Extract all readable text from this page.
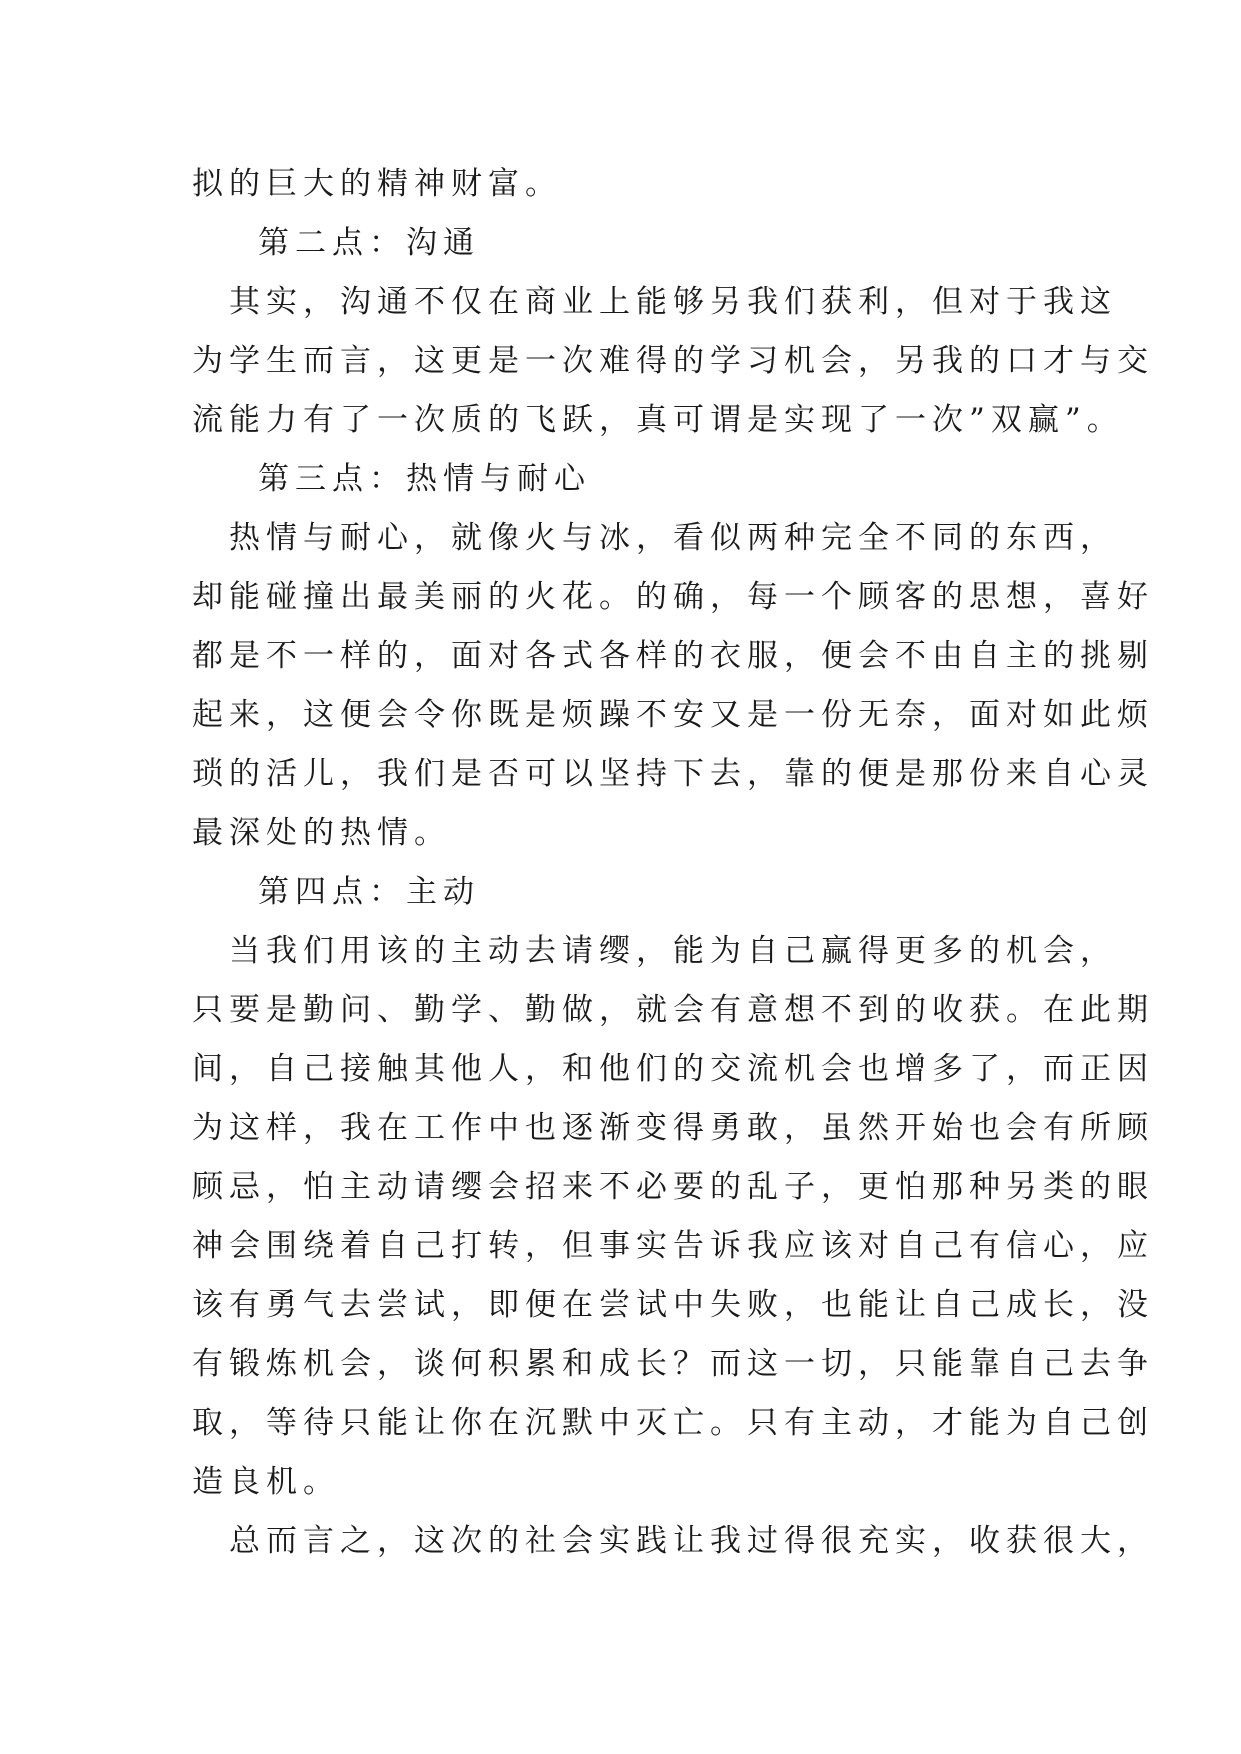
拟的巨大的精神财富。
第二点：沟通
　其实，沟通不仅在商业上能够另我们获利，但对于我这
为学生而言，这更是一次难得的学习机会，另我的口才与交
流能力有了一次质的飞跃，真可谓是实现了一次”双赢”。
第三点：热情与耐心
　热情与耐心，就像火与冰，看似两种完全不同的东西，
却能碰撞出最美丽的火花。的确，每一个顾客的思想，喜好
都是不一样的，面对各式各样的衣服，便会不由自主的挑剔
起来，这便会令你既是烦躁不安又是一份无奈，面对如此烦
琐的活儿，我们是否可以坚持下去，靠的便是那份来自心灵
最深处的热情。
第四点：主动
　当我们用该的主动去请缨，能为自己赢得更多的机会，
只要是勤问、勤学、勤做，就会有意想不到的收获。在此期
间，自己接触其他人，和他们的交流机会也增多了，而正因
为这样，我在工作中也逐渐变得勇敢，虽然开始也会有所顾
顾忌，怕主动请缨会招来不必要的乱子，更怕那种另类的眼
神会围绕着自己打转，但事实告诉我应该对自己有信心，应
该有勇气去尝试，即便在尝试中失败，也能让自己成长，没
有锻炼机会，谈何积累和成长？而这一切，只能靠自己去争
取，等待只能让你在沉默中灭亡。只有主动，才能为自己创
造良机。
　总而言之，这次的社会实践让我过得很充实，收获很大，
